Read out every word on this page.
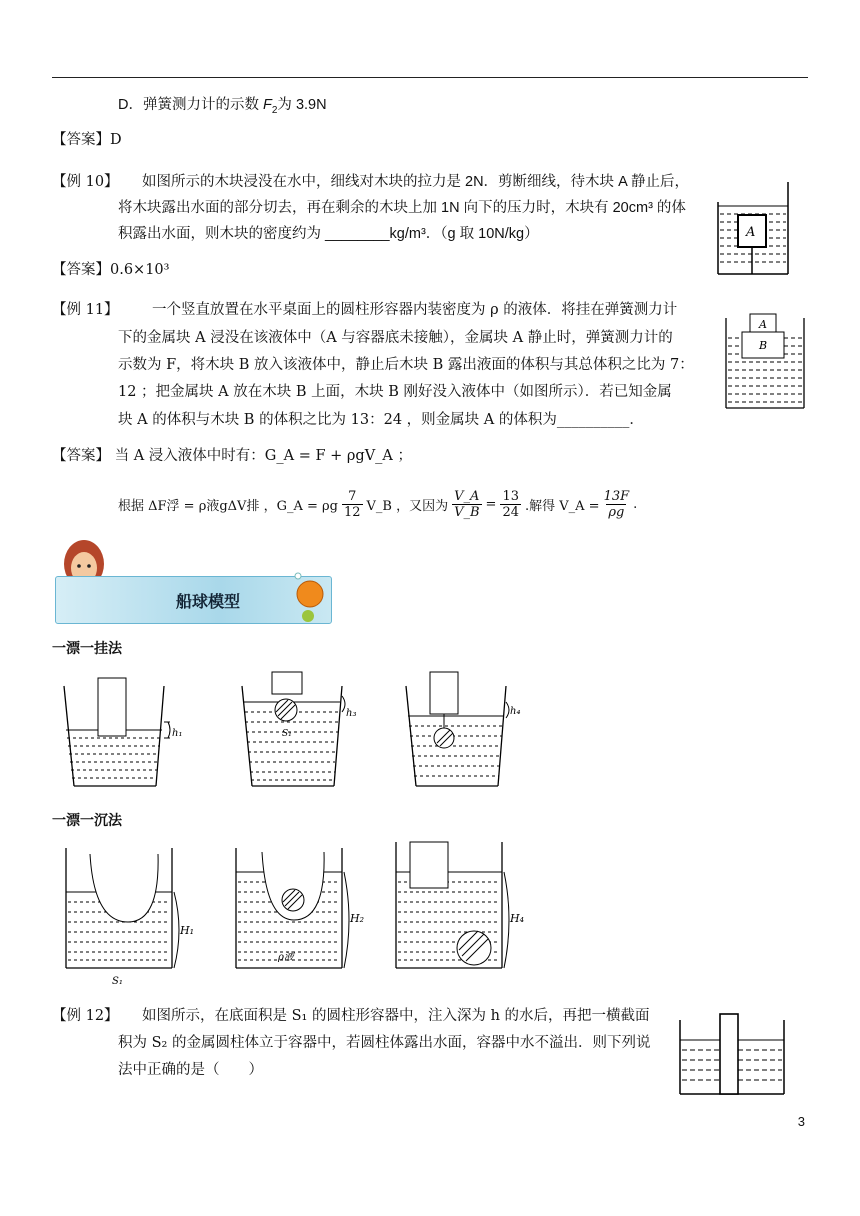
D．弹簧测力计的示数 $F_2$为 3.9N
【答案】D
【例 10】 如图所示的木块浸没在水中，细线对木块的拉力是 2N．剪断细线，待木块 A 静止后，
将木块露出水面的部分切去，再在剩余的木块上加 1N 向下的压力时，木块有 20cm³ 的体
积露出水面，则木块的密度约为 ________kg/m³．（g 取 10N/kg）	A
【答案】0.6×10³
【例 11】 一个竖直放置在水平桌面上的圆柱形容器内装密度为 ρ 的液体．将挂在弹簧测力计
下的金属块 A 浸没在该液体中（A 与容器底未接触），金属块 A 静止时，弹簧测力计的
示数为 F，将木块 B 放入该液体中，静止后木块 B 露出液面的体积与其总体积之比为 7：
12 ；把金属块 A 放在木块 B 上面，木块 B 刚好没入液体中（如图所示）．若已知金属
块 A 的体积与木块 B 的体积之比为 13：24 ，则金属块 A 的体积为__________．
A
B
【答案】 当 A 浸入液体中时有：G_A = F + ρgV_A ；
根据 ΔF浮 = ρ液gΔV排 ，G_A = ρg
7
12 V_B ，又因为 $\frac{V\_A}{V\_B} = \frac{13}{24}$ .解得 V_A = $\frac{13F}{\rho g}$ .
船球模型
一漂一挂法
h₁	S₁
h₃	h₄
一漂一沉法
H₁
S₁
H₂
ρ液
H₄
【例 12】 如图所示，在底面积是 S₁ 的圆柱形容器中，注入深为 h 的水后，再把一横截面
积为 S₂ 的金属圆柱体立于容器中，若圆柱体露出水面，容器中水不溢出．则下列说
法中正确的是（　　）
3
